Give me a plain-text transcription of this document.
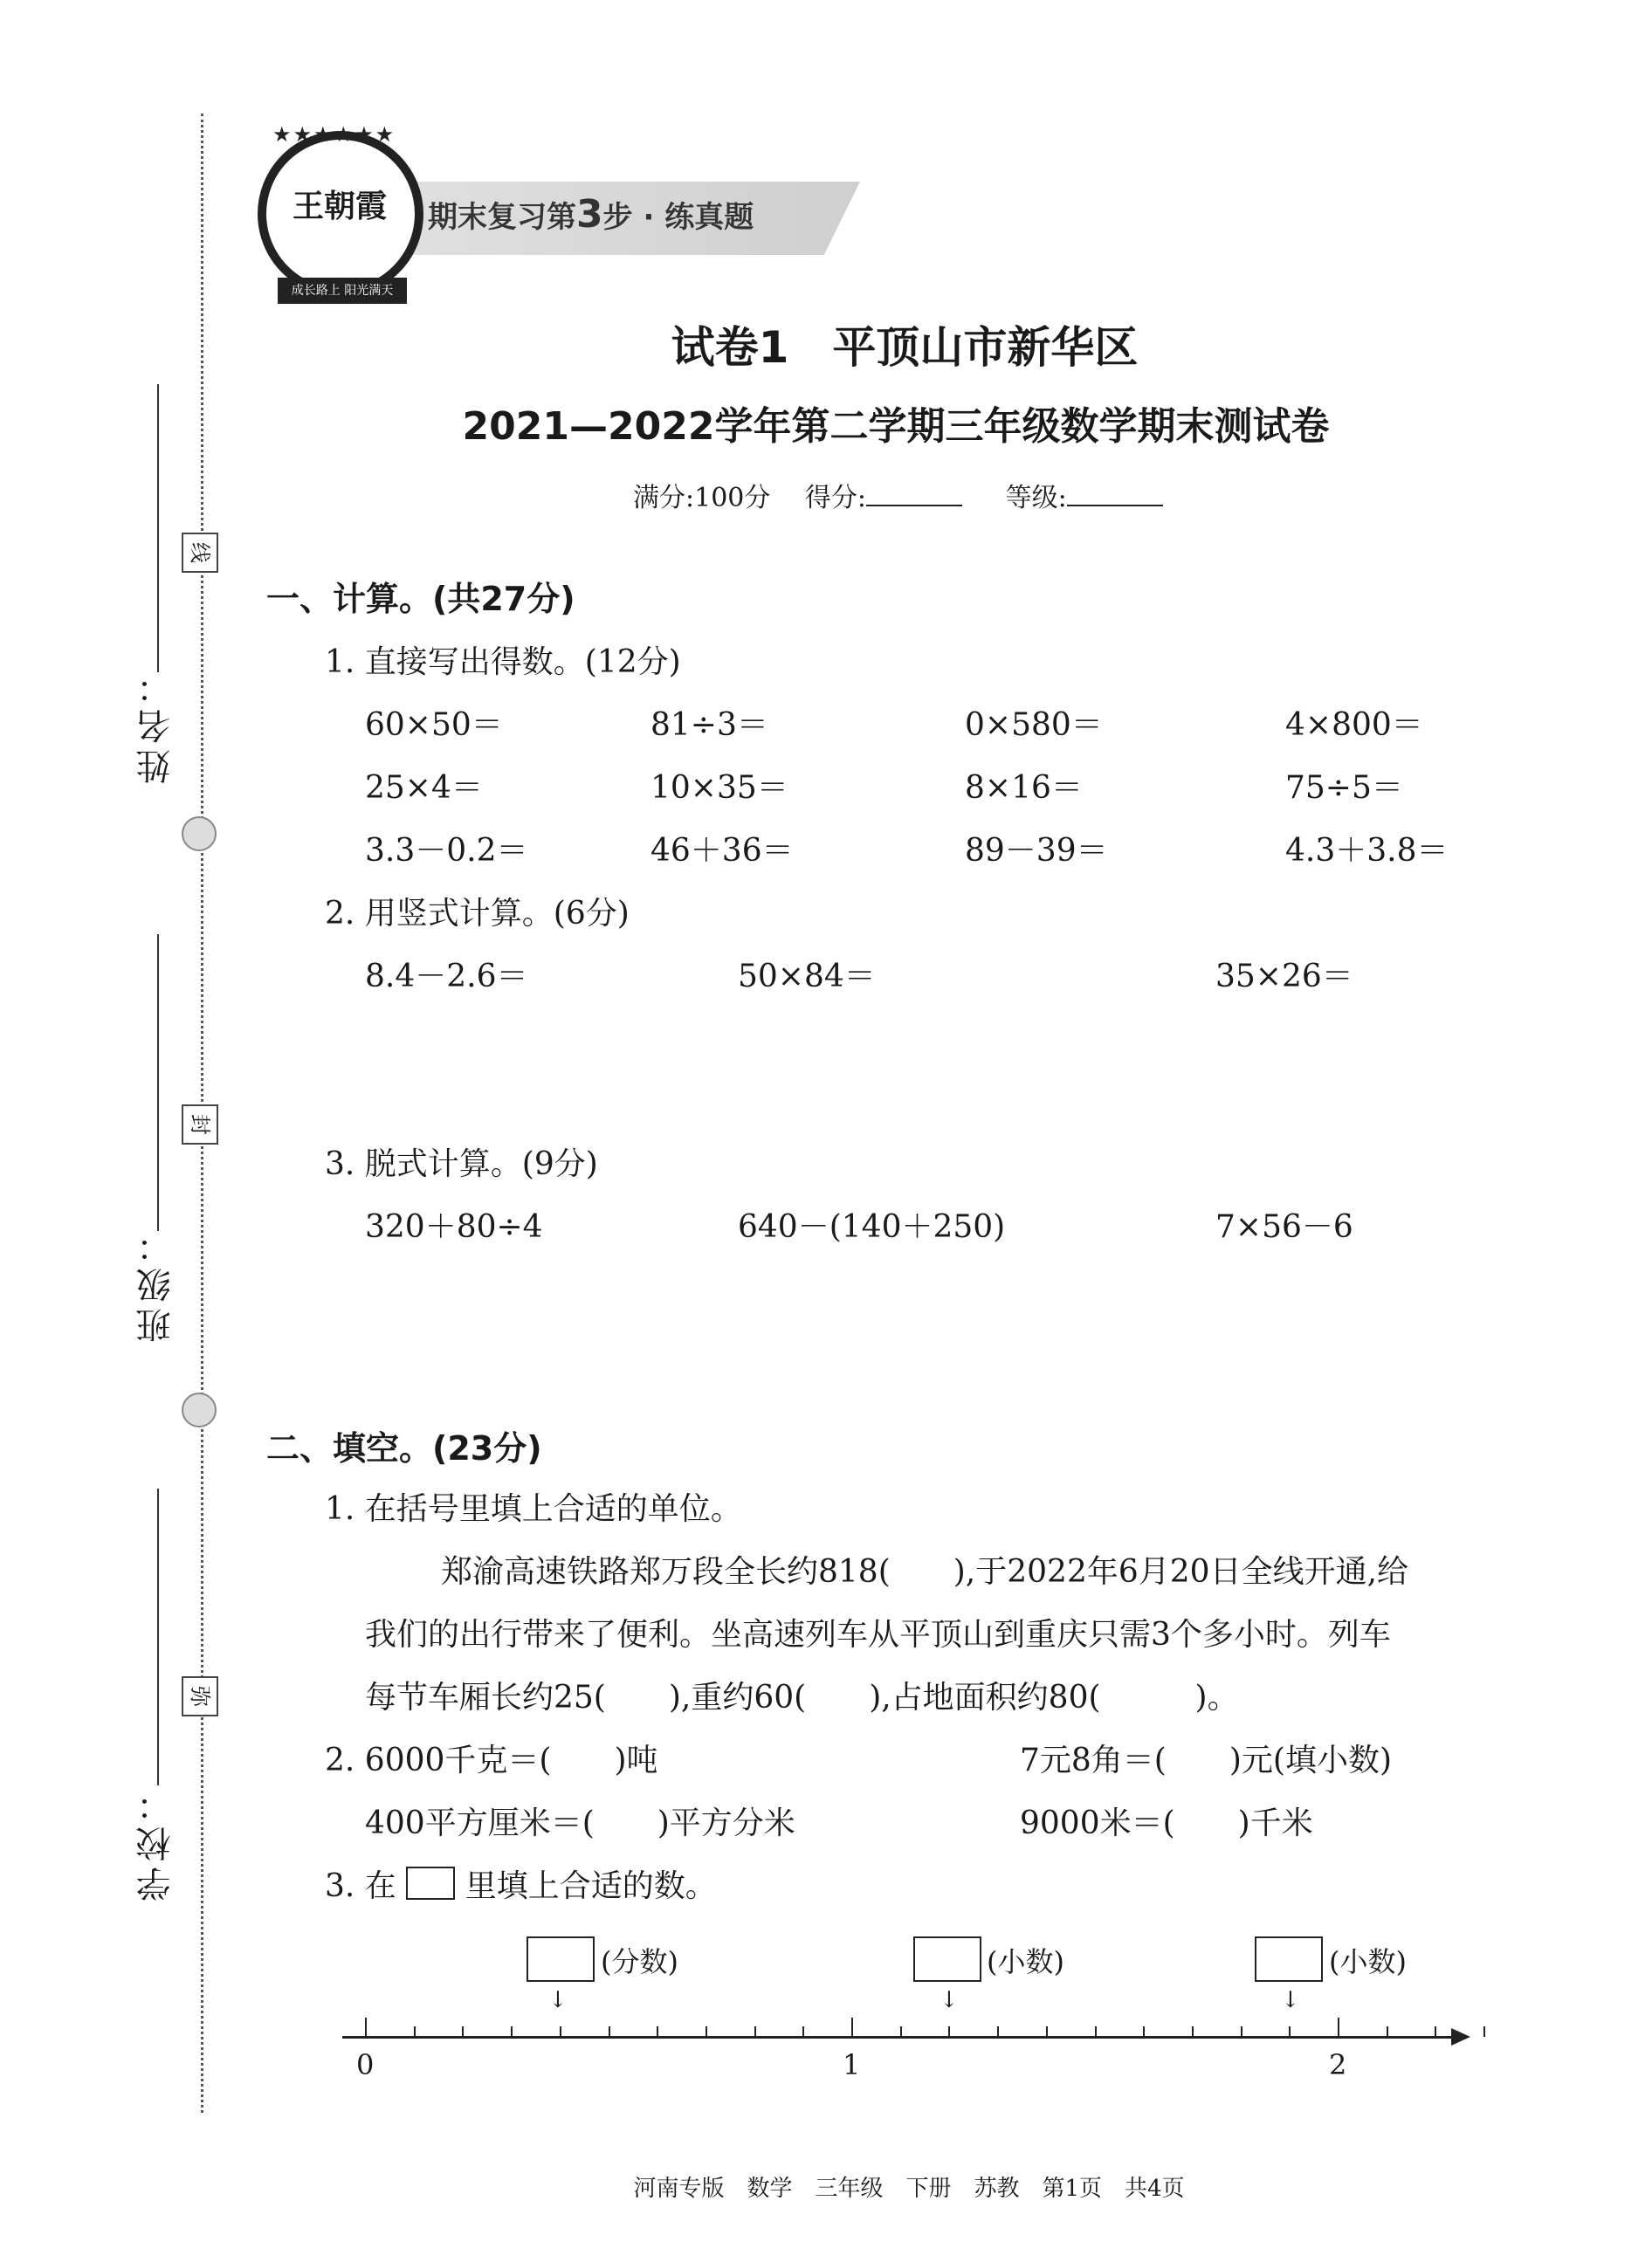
姓名：
线
班级：
封
学校：
弥
期末复习第3步 · 练真题
王朝霞
★★★★★★
成长路上 阳光满天
试卷1　平顶山市新华区
2021—2022学年第二学期三年级数学期末测试卷
满分:100分　 得分:	等级:
一、计算。(共27分)
1. 直接写出得数。(12分)
60×50＝	81÷3＝	0×580＝	4×800＝
25×4＝	10×35＝	8×16＝	75÷5＝
3.3－0.2＝	46＋36＝	89－39＝	4.3＋3.8＝
2. 用竖式计算。(6分)
8.4－2.6＝	50×84＝	35×26＝
3. 脱式计算。(9分)
320＋80÷4	640－(140＋250)	7×56－6
二、填空。(23分)
1. 在括号里填上合适的单位。
郑渝高速铁路郑万段全长约818(　　),于2022年6月20日全线开通,给
我们的出行带来了便利。坐高速列车从平顶山到重庆只需3个多小时。列车
每节车厢长约25(　　),重约60(　　),占地面积约80(　　　)。
2. 6000千克＝(　　)吨	7元8角＝(　　)元(填小数)
400平方厘米＝(　　)平方分米	9000米＝(　　)千米
3. 在 里填上合适的数。
(分数)
↓
(小数)
↓
(小数)
↓
0	1	2
河南专版　数学　三年级　下册　苏教　第1页　共4页
